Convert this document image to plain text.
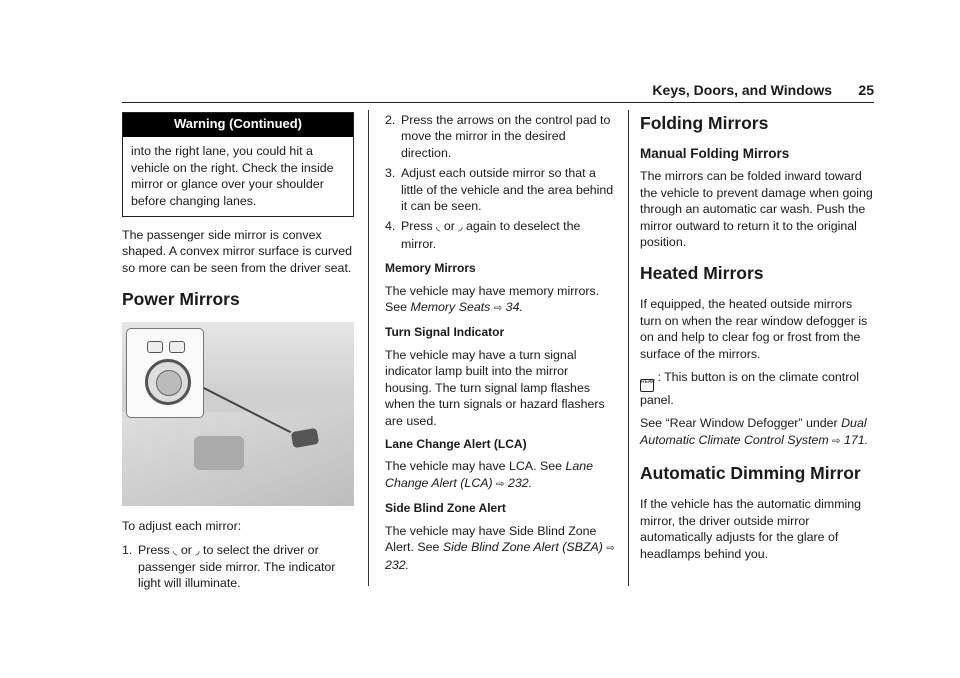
Keys, Doors, and Windows 25
Warning (Continued)
into the right lane, you could hit a vehicle on the right. Check the inside mirror or glance over your shoulder before changing lanes.

The passenger side mirror is convex shaped. A convex mirror surface is curved so more can be seen from the driver seat.

Power Mirrors

To adjust each mirror:

1. Press ◟ or ◞ to select the driver or passenger side mirror. The indicator light will illuminate.
2. Press the arrows on the control pad to move the mirror in the desired direction.
3. Adjust each outside mirror so that a little of the vehicle and the area behind it can be seen.
4. Press ◟ or ◞ again to deselect the mirror.
Memory Mirrors

The vehicle may have memory mirrors. See Memory Seats ⇨ 34.

Turn Signal Indicator

The vehicle may have a turn signal indicator lamp built into the mirror housing. The turn signal lamp flashes when the turn signals or hazard flashers are used.

Lane Change Alert (LCA)

The vehicle may have LCA. See Lane Change Alert (LCA) ⇨ 232.

Side Blind Zone Alert

The vehicle may have Side Blind Zone Alert. See Side Blind Zone Alert (SBZA) ⇨ 232.

Folding Mirrors
Manual Folding Mirrors

The mirrors can be folded inward toward the vehicle to prevent damage when going through an automatic car wash. Push the mirror outward to return it to the original position.

Heated Mirrors

If equipped, the heated outside mirrors turn on when the rear window defogger is on and help to clear fog or frost from the surface of the mirrors.

REAR : This button is on the climate control panel.

See “Rear Window Defogger” under Dual Automatic Climate Control System ⇨ 171.

Automatic Dimming Mirror

If the vehicle has the automatic dimming mirror, the driver outside mirror automatically adjusts for the glare of headlamps behind you.
